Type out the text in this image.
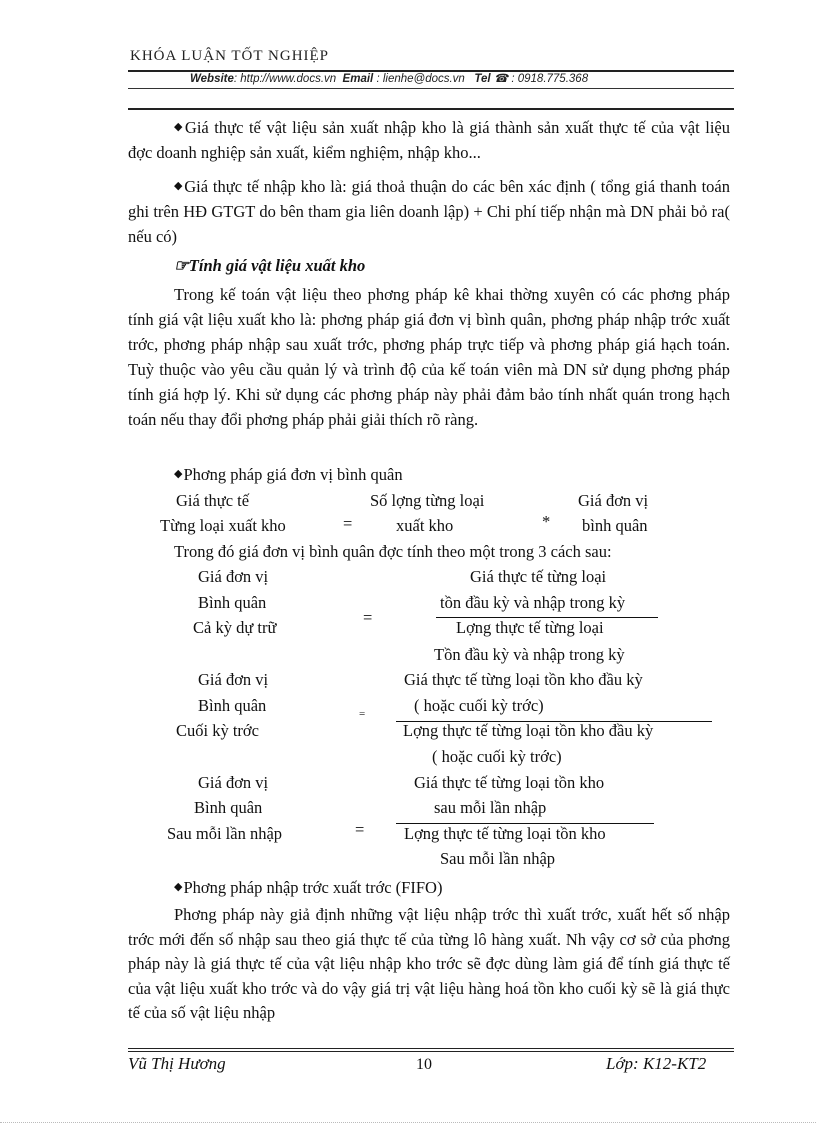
KHÓA LUẬN TỐT NGHIỆP
Website: http://www.docs.vn Email : lienhe@docs.vn Tel ☎ : 0918.775.368

◆Giá thực tế vật liệu sản xuất nhập kho là giá thành sản xuất thực tế của vật liệu đợc doanh nghiệp sản xuất, kiểm nghiệm, nhập kho...

◆Giá thực tế nhập kho là: giá thoả thuận do các bên xác định ( tổng giá thanh toán ghi trên HĐ GTGT do bên tham gia liên doanh lập) + Chi phí tiếp nhận mà DN phải bỏ ra( nếu có)

☞Tính giá vật liệu xuất kho

Trong kế toán vật liệu theo phơng pháp kê khai thờng xuyên có các phơng pháp tính giá vật liệu xuất kho là: phơng pháp giá đơn vị bình quân, phơng pháp nhập trớc xuất trớc, phơng pháp nhập sau xuất trớc, phơng pháp trực tiếp và phơng pháp giá hạch toán. Tuỳ thuộc vào yêu cầu quản lý và trình độ của kế toán viên mà DN sử dụng phơng pháp tính giá hợp lý. Khi sử dụng các phơng pháp này phải đảm bảo tính nhất quán trong hạch toán nếu thay đổi phơng pháp phải giải thích rõ ràng.

◆Phơng pháp giá đơn vị bình quân
Giá thực tế
Từng loại xuất kho	=
Số lợng từng loại
xuất kho	*
Giá đơn vị
bình quân
Trong đó giá đơn vị bình quân đợc tính theo một trong 3 cách sau:
Giá đơn vị
Bình quân
Cả kỳ dự trữ
=
Giá thực tế từng loại
tồn đầu kỳ và nhập trong kỳ
Lợng thực tế từng loại
Tồn đầu kỳ và nhập trong kỳ
Giá đơn vị
Bình quân
Cuối kỳ trớc
=
Giá thực tế từng loại tồn kho đầu kỳ
( hoặc cuối kỳ trớc)
Lợng thực tế từng loại tồn kho đầu kỳ
( hoặc cuối kỳ trớc)
Giá đơn vị
Bình quân
Sau mỗi lần nhập	=
Giá thực tế từng loại tồn kho
sau mỗi lần nhập
Lợng thực tế từng loại tồn kho
Sau mỗi lần nhập
◆Phơng pháp nhập trớc xuất trớc (FIFO)

Phơng pháp này giả định những vật liệu nhập trớc thì xuất trớc, xuất hết số nhập trớc mới đến số nhập sau theo giá thực tế của từng lô hàng xuất. Nh vậy cơ sở của phơng pháp này là giá thực tế của vật liệu nhập kho trớc sẽ đợc dùng làm giá để tính giá thực tế của vật liệu xuất kho trớc và do vậy giá trị vật liệu hàng hoá tồn kho cuối kỳ sẽ là giá thực tế của số vật liệu nhập

Vũ Thị Hương	10	Lớp: K12-KT2
